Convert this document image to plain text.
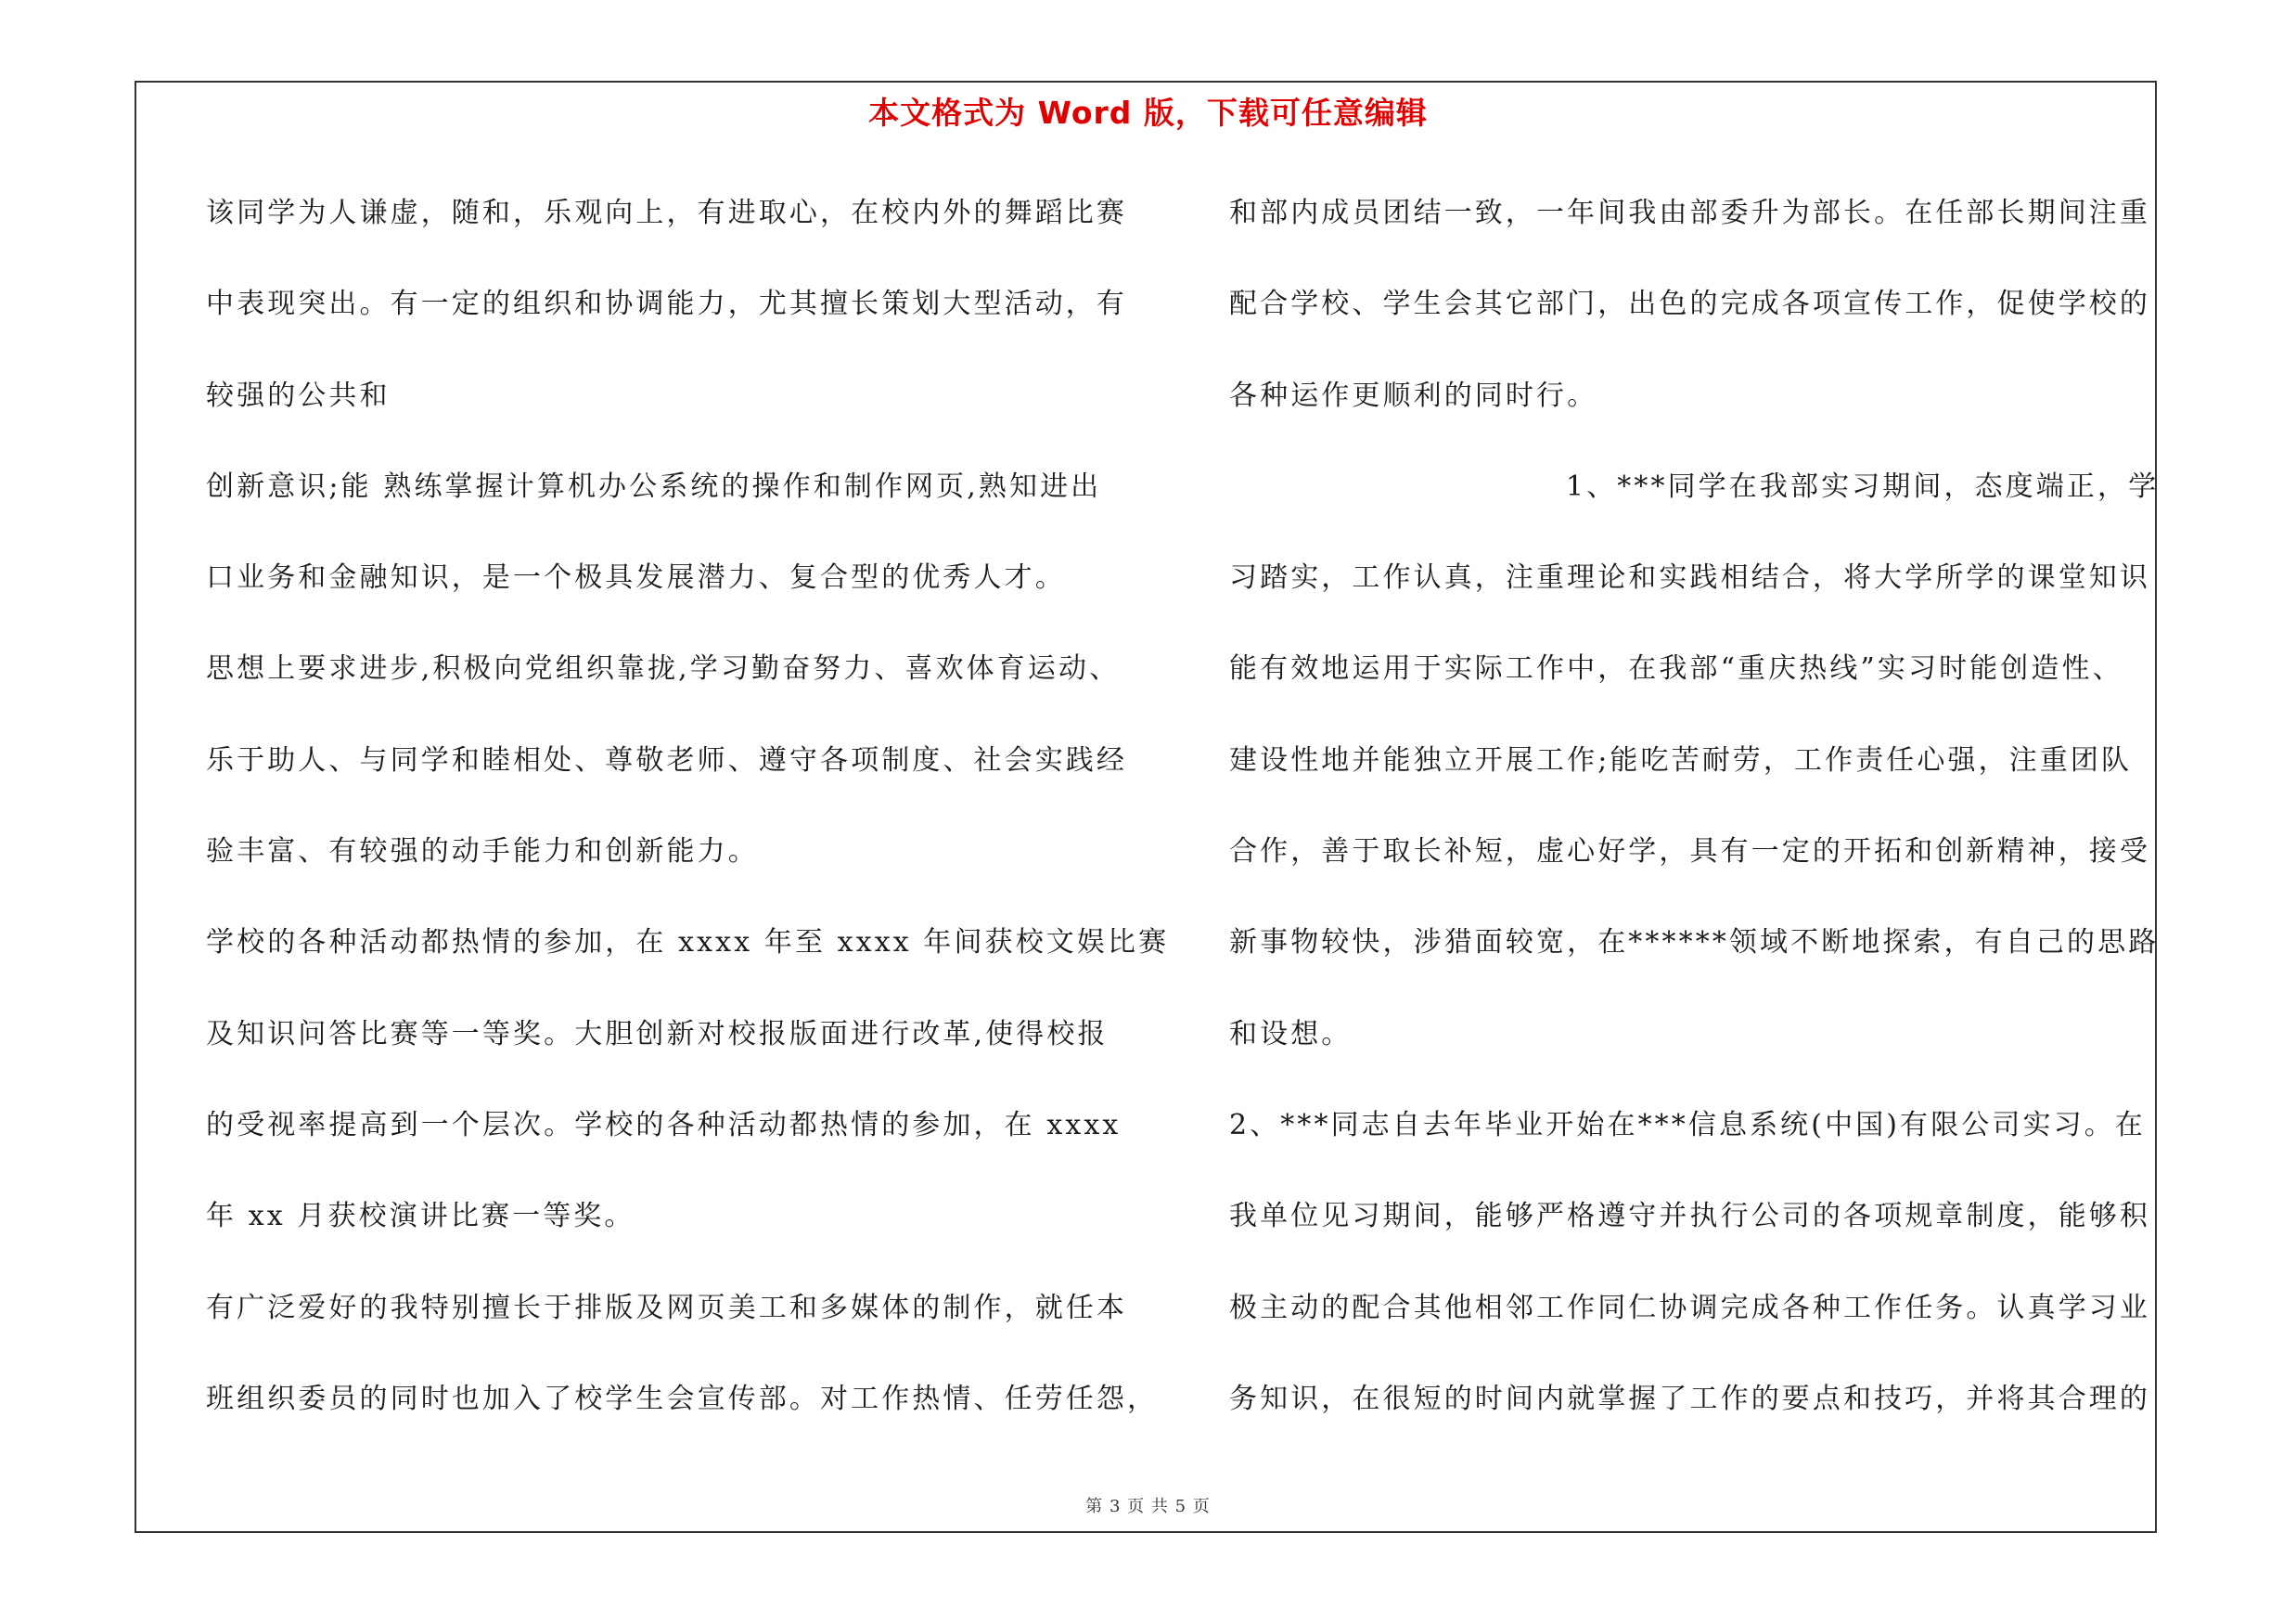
本文格式为 Word 版，下载可任意编辑
该同学为人谦虚，随和，乐观向上，有进取心，在校内外的舞蹈比赛
中表现突出。有一定的组织和协调能力，尤其擅长策划大型活动，有
较强的公共和
创新意识;能 熟练掌握计算机办公系统的操作和制作网页,熟知进出
口业务和金融知识，是一个极具发展潜力、复合型的优秀人才。
思想上要求进步,积极向党组织靠拢,学习勤奋努力、喜欢体育运动、
乐于助人、与同学和睦相处、尊敬老师、遵守各项制度、社会实践经
验丰富、有较强的动手能力和创新能力。
学校的各种活动都热情的参加，在 xxxx 年至 xxxx 年间获校文娱比赛
及知识问答比赛等一等奖。大胆创新对校报版面进行改革,使得校报
的受视率提高到一个层次。学校的各种活动都热情的参加，在 xxxx
年 xx 月获校演讲比赛一等奖。
有广泛爱好的我特别擅长于排版及网页美工和多媒体的制作，就任本
班组织委员的同时也加入了校学生会宣传部。对工作热情、任劳任怨，
和部内成员团结一致，一年间我由部委升为部长。在任部长期间注重
配合学校、学生会其它部门，出色的完成各项宣传工作，促使学校的
各种运作更顺利的同时行。
1、***同学在我部实习期间，态度端正，学
习踏实，工作认真，注重理论和实践相结合，将大学所学的课堂知识
能有效地运用于实际工作中，在我部“重庆热线”实习时能创造性、
建设性地并能独立开展工作;能吃苦耐劳，工作责任心强，注重团队
合作，善于取长补短，虚心好学，具有一定的开拓和创新精神，接受
新事物较快，涉猎面较宽，在******领域不断地探索，有自己的思路
和设想。
2、***同志自去年毕业开始在***信息系统(中国)有限公司实习。在
我单位见习期间，能够严格遵守并执行公司的各项规章制度，能够积
极主动的配合其他相邻工作同仁协调完成各种工作任务。认真学习业
务知识，在很短的时间内就掌握了工作的要点和技巧，并将其合理的
第 3 页 共 5 页
